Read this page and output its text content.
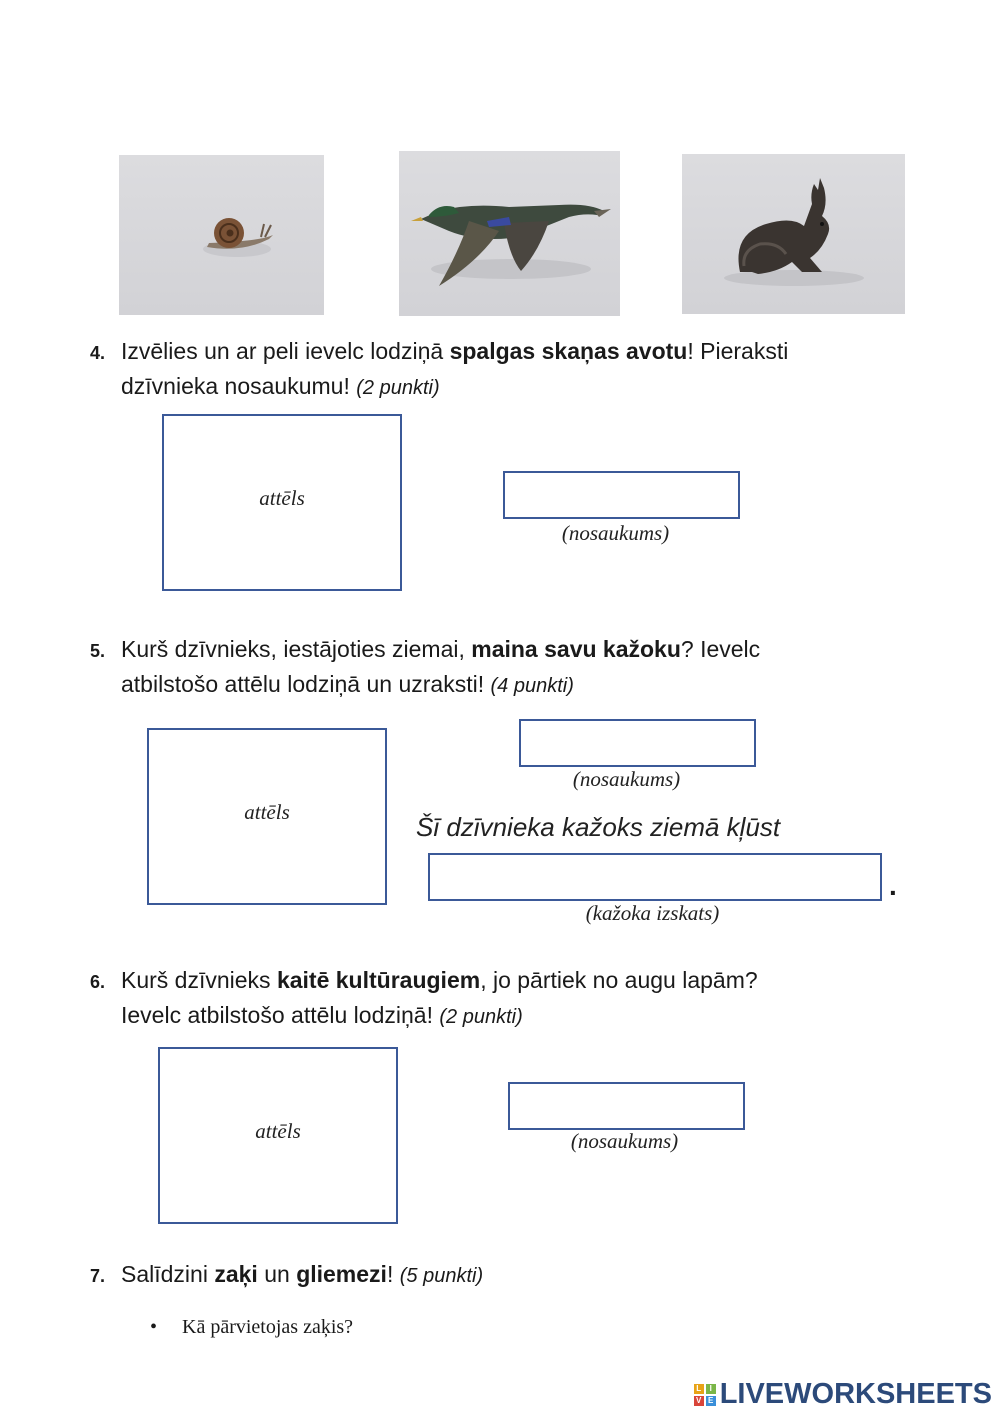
4. Izvēlies un ar peli ievelc lodziņā spalgas skaņas avotu! Pieraksti
dzīvnieka nosaukumu! (2 punkti)
attēls
(nosaukums)
5. Kurš dzīvnieks, iestājoties ziemai, maina savu kažoku? Ievelc
atbilstošo attēlu lodziņā un uzraksti! (4 punkti)
attēls
(nosaukums)
Šī dzīvnieka kažoks ziemā kļūst
.
(kažoka izskats)
6. Kurš dzīvnieks kaitē kultūraugiem, jo pārtiek no augu lapām?
Ievelc atbilstošo attēlu lodziņā! (2 punkti)
attēls	(nosaukums)
7. Salīdzini zaķi un gliemezi! (5 punkti)
• Kā pārvietojas zaķis?
L	I
V E LIVEWORKSHEETS
